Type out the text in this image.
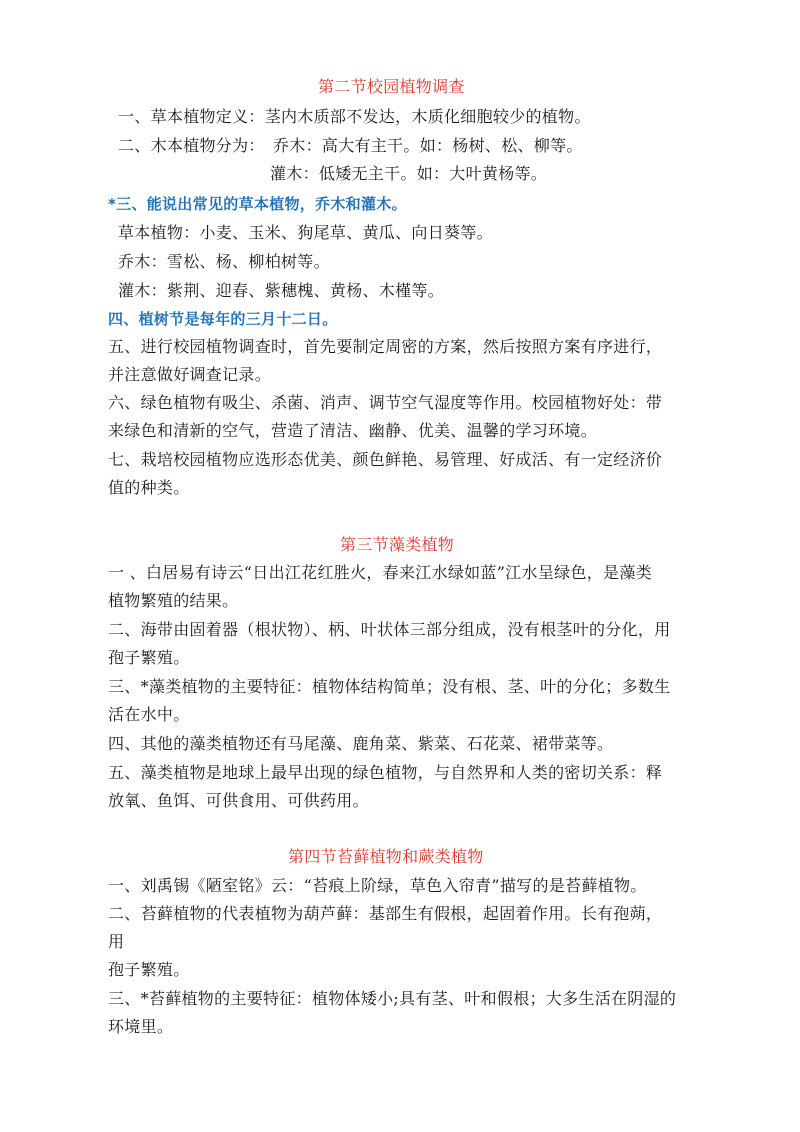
第二节校园植物调查
一、草本植物定义：茎内木质部不发达，木质化细胞较少的植物。
二、木本植物分为：　乔木：高大有主干。如：杨树、松、柳等。
灌木：低矮无主干。如：大叶黄杨等。
*三、能说出常见的草本植物，乔木和灌木。
草本植物：小麦、玉米、狗尾草、黄瓜、向日葵等。
乔木：雪松、杨、柳柏树等。
灌木：紫荆、迎春、紫穗槐、黄杨、木槿等。
四、植树节是每年的三月十二日。
五、进行校园植物调查时，首先要制定周密的方案，然后按照方案有序进行，
并注意做好调查记录。
六、绿色植物有吸尘、杀菌、消声、调节空气湿度等作用。校园植物好处：带
来绿色和清新的空气，营造了清洁、幽静、优美、温馨的学习环境。
七、栽培校园植物应选形态优美、颜色鲜艳、易管理、好成活、有一定经济价
值的种类。
第三节藻类植物
一 、白居易有诗云“日出江花红胜火，春来江水绿如蓝”江水呈绿色，是藻类
植物繁殖的结果。
二、海带由固着器（根状物）、柄、叶状体三部分组成，没有根茎叶的分化，用
孢子繁殖。
三、*藻类植物的主要特征：植物体结构简单；没有根、茎、叶的分化；多数生
活在水中。
四、其他的藻类植物还有马尾藻、鹿角菜、紫菜、石花菜、裙带菜等。
五、藻类植物是地球上最早出现的绿色植物，与自然界和人类的密切关系：释
放氧、鱼饵、可供食用、可供药用。
第四节苔藓植物和蕨类植物
一、刘禹锡《陋室铭》云：“苔痕上阶绿，草色入帘青”描写的是苔藓植物。
二、苔藓植物的代表植物为葫芦藓：基部生有假根，起固着作用。长有孢蒴，
用
孢子繁殖。
三、*苔藓植物的主要特征：植物体矮小;具有茎、叶和假根；大多生活在阴湿的
环境里。
